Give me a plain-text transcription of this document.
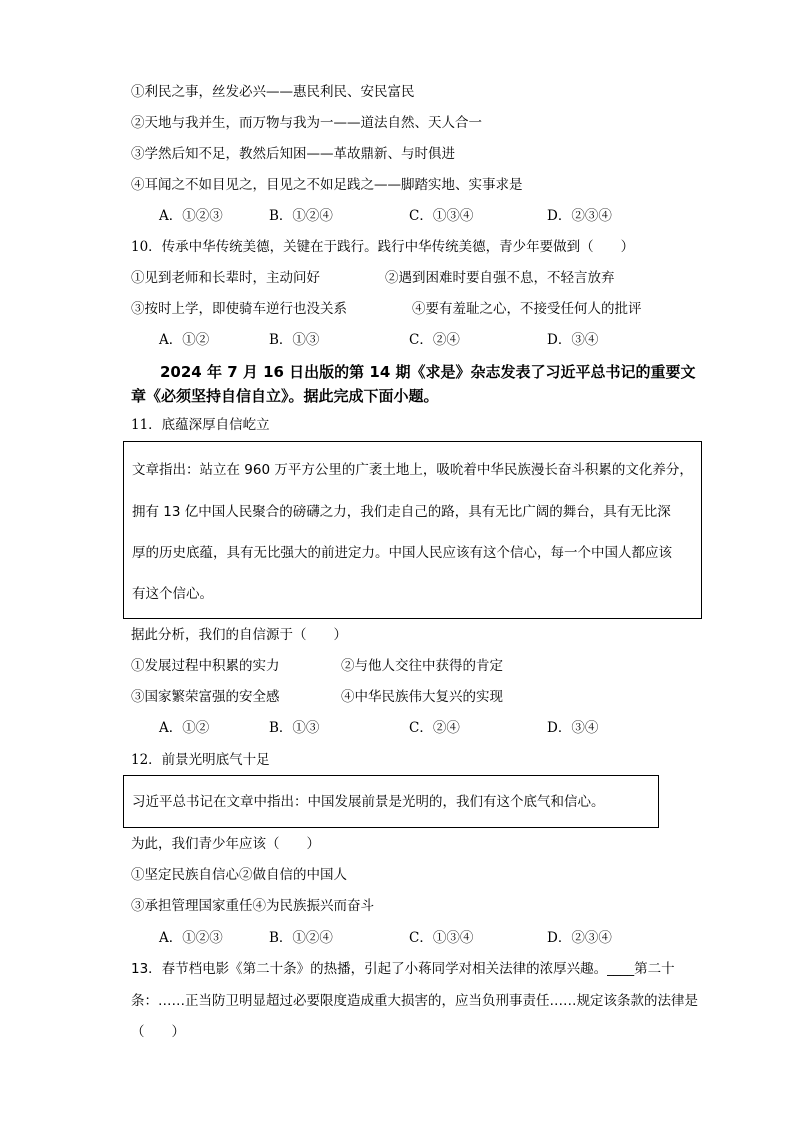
①利民之事，丝发必兴——惠民利民、安民富民
②天地与我并生，而万物与我为一——道法自然、天人合一
③学然后知不足，教然后知困——革故鼎新、与时俱进
④耳闻之不如目见之，目见之不如足践之——脚踏实地、实事求是
A．①②③	B．①②④	C．①③④	D．②③④
10．传承中华传统美德，关键在于践行。践行中华传统美德，青少年要做到（　　）
①见到老师和长辈时，主动问好	②遇到困难时要自强不息，不轻言放弃
③按时上学，即使骑车逆行也没关系	④要有羞耻之心，不接受任何人的批评
A．①②	B．①③	C．②④	D．③④
2024 年 7 月 16 日出版的第 14 期《求是》杂志发表了习近平总书记的重要文
章《必须坚持自信自立》。据此完成下面小题。
11．底蕴深厚自信屹立

文章指出：站立在 960 万平方公里的广袤土地上，吸吮着中华民族漫长奋斗积累的文化养分，

拥有 13 亿中国人民聚合的磅礴之力，我们走自己的路，具有无比广阔的舞台，具有无比深

厚的历史底蕴，具有无比强大的前进定力。中国人民应该有这个信心，每一个中国人都应该

有这个信心。

据此分析，我们的自信源于（　　）
①发展过程中积累的实力	②与他人交往中获得的肯定
③国家繁荣富强的安全感	④中华民族伟大复兴的实现
A．①②	B．①③	C．②④	D．③④
12．前景光明底气十足

习近平总书记在文章中指出：中国发展前景是光明的，我们有这个底气和信心。

为此，我们青少年应该（　　）
①坚定民族自信心②做自信的中国人
③承担管理国家重任④为民族振兴而奋斗
A．①②③	B．①②④	C．①③④	D．②③④
13．春节档电影《第二十条》的热播，引起了小蒋同学对相关法律的浓厚兴趣。____第二十
条：……正当防卫明显超过必要限度造成重大损害的，应当负刑事责任……规定该条款的法律是
（　　）
